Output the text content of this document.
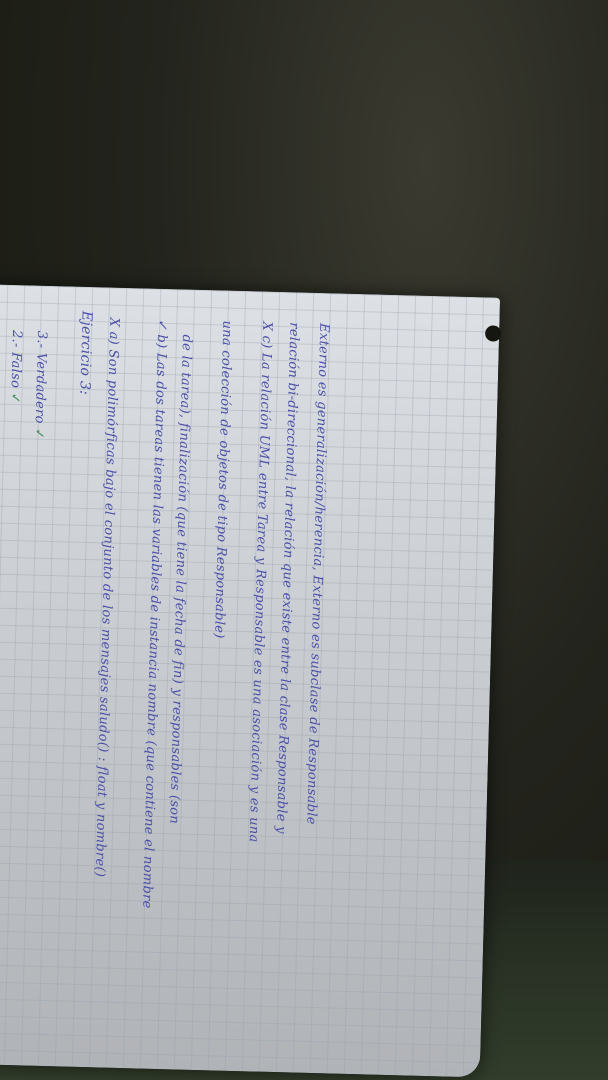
2.- Falso ✓ 3.- Verdadero ✓
Ejercicio 3:
X a) Son polimórficas bajo el conjunto de los mensajes saludo() : float y nombre() ✓ b) Las dos tareas tienen las variables de instancia nombre (que contiene el nombre
de la tarea), finalización (que tiene la fecha de fin) y responsables (son una colección de objetos de tipo Responsable) X c) La relación UML entre Tarea y Responsable es una asociación y es una
relación bi-direccional, la relación que existe entre la clase Responsable y Externo es generalización/herencia, Externo es subclase de Responsable
